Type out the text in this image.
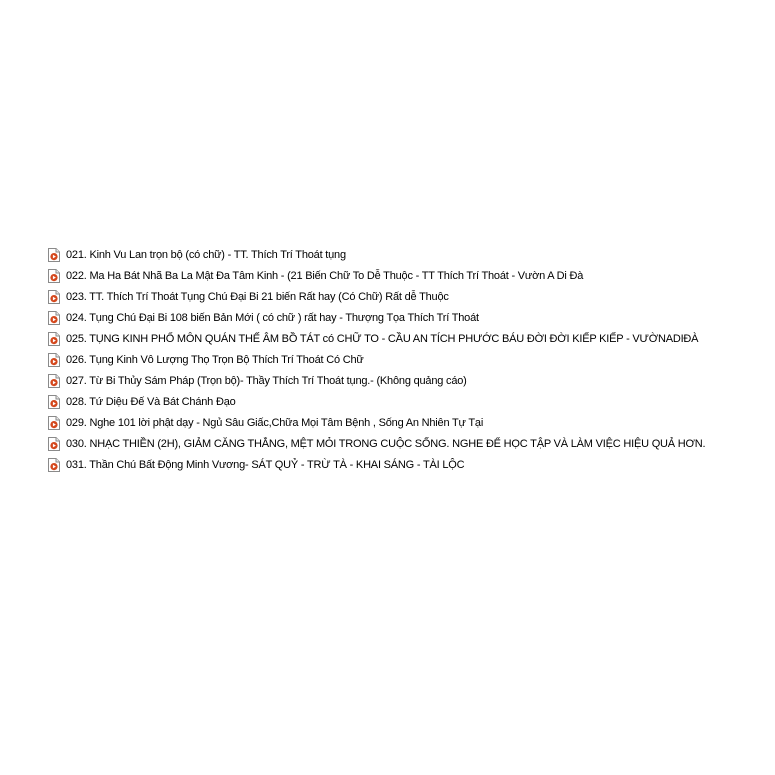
021. Kinh Vu Lan trọn bộ (có chữ) - TT. Thích Trí Thoát tụng
022. Ma Ha Bát Nhã Ba La Mật Đa Tâm Kinh - (21 Biến Chữ To Dễ Thuộc - TT Thích Trí Thoát - Vườn A Di Đà
023. TT. Thích Trí Thoát Tụng Chú Đại Bi 21 biến Rất hay (Có Chữ) Rất dễ Thuộc
024. Tụng Chú Đại Bi 108 biến Bản Mới ( có chữ ) rất hay - Thượng Tọa Thích Trí Thoát
025. TỤNG KINH PHỔ MÔN QUÁN THẾ ÂM BỒ TÁT có CHỮ TO - CẦU AN TÍCH PHƯỚC BÁU ĐỜI ĐỜI KIẾP KIẾP - VƯỜNADIĐÀ
026. Tụng Kinh Vô Lượng Thọ Trọn Bộ Thích Trí Thoát Có Chữ
027. Từ Bi Thủy Sám Pháp (Trọn bộ)- Thầy Thích Trí Thoát tụng.- (Không quảng cáo)
028. Tứ Diệu Đế Và Bát Chánh Đạo
029. Nghe 101 lời phật dạy - Ngủ Sâu Giấc,Chữa Mọi Tâm Bệnh , Sống An Nhiên Tự Tại
030. NHẠC THIỀN (2H), GIẢM CĂNG THẲNG, MỆT MỎI TRONG CUỘC SỐNG. NGHE ĐỂ HỌC TẬP VÀ LÀM VIỆC HIỆU QUẢ HƠN.
031. Thần Chú Bất Động Minh Vương- SÁT QUỶ - TRỪ TÀ - KHAI SÁNG - TÀI LỘC
